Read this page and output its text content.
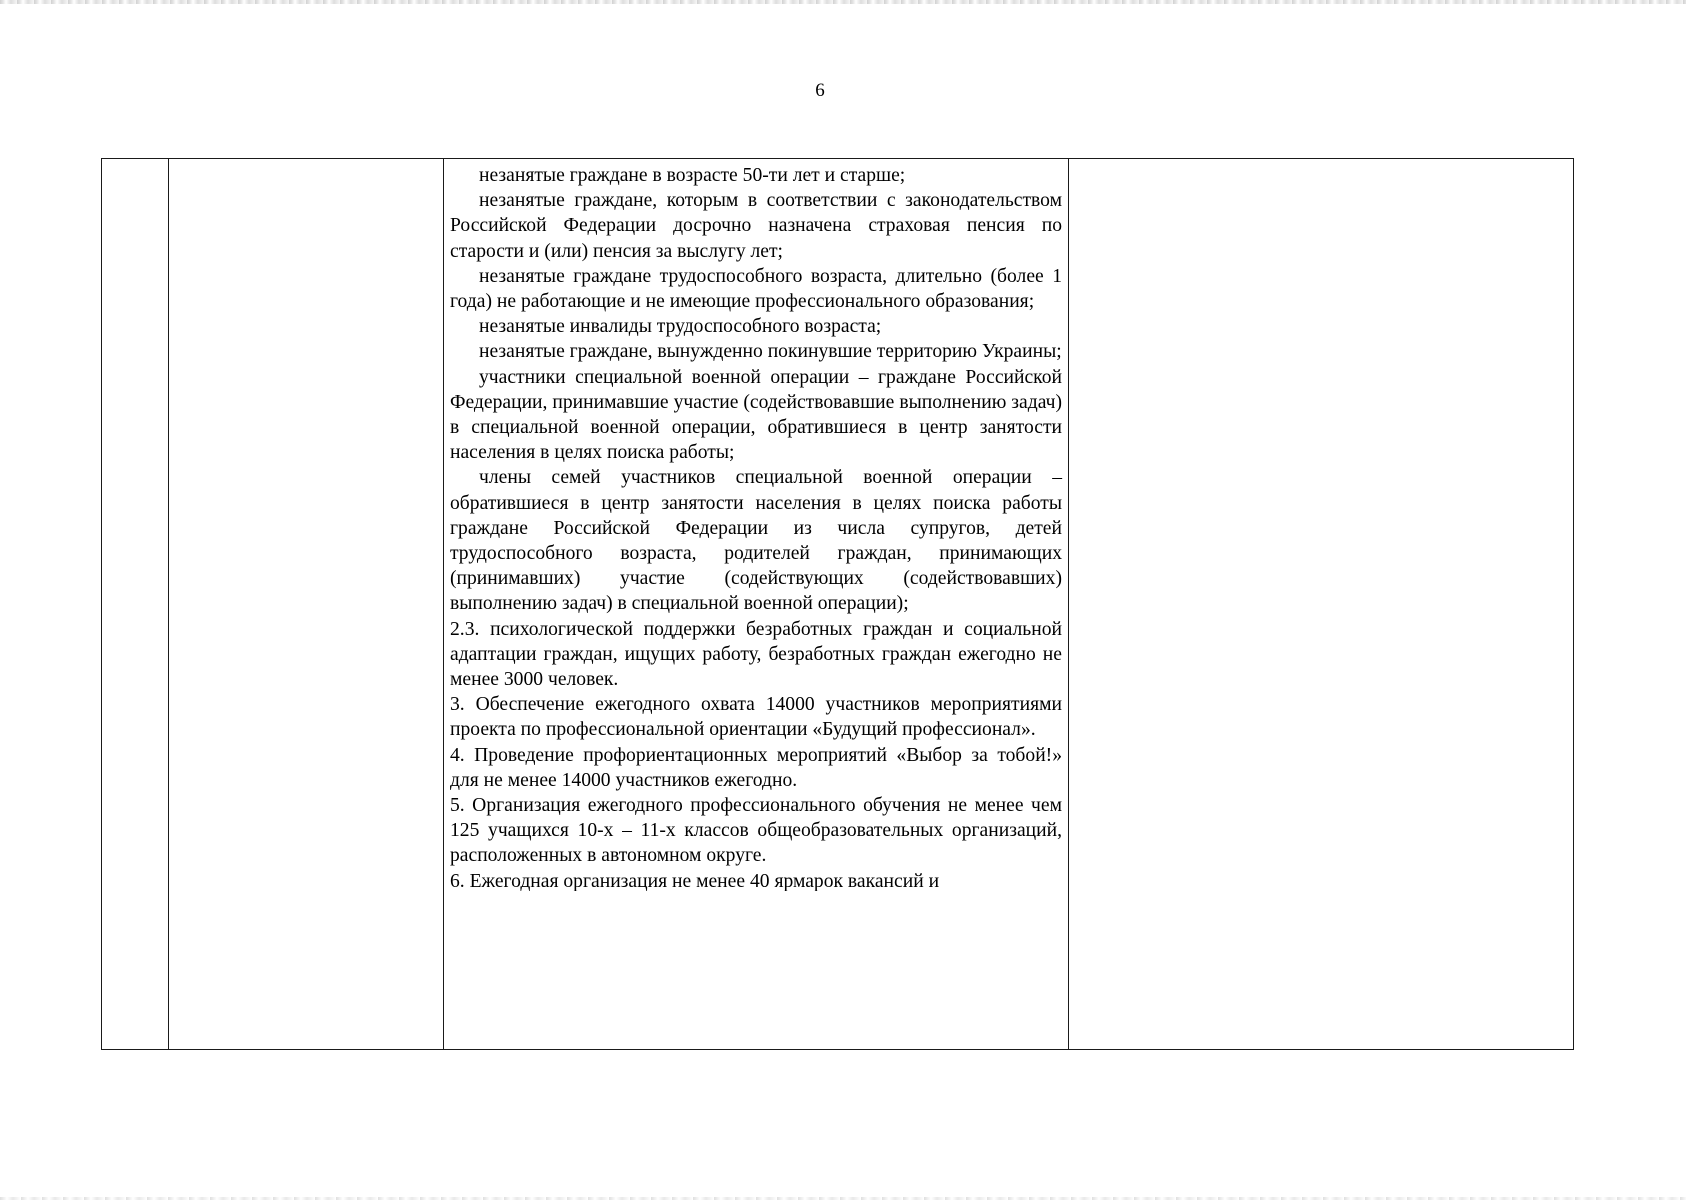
6

незанятые граждане в возрасте 50-ти лет и старше;

незанятые граждане, которым в соответствии с законодательством Российской Федерации досрочно назначена страховая пенсия по старости и (или) пенсия за выслугу лет;

незанятые граждане трудоспособного возраста, длительно (более 1 года) не работающие и не имеющие профессионального образования;

незанятые инвалиды трудоспособного возраста;

незанятые граждане, вынужденно покинувшие территорию Украины;

участники специальной военной операции – граждане Российской Федерации, принимавшие участие (содействовавшие выполнению задач) в специальной военной операции, обратившиеся в центр занятости населения в целях поиска работы;

члены семей участников специальной военной операции – обратившиеся в центр занятости населения в целях поиска работы граждане Российской Федерации из числа супругов, детей трудоспособного возраста, родителей граждан, принимающих (принимавших) участие (содействующих (содействовавших) выполнению задач) в специальной военной операции);

2.3. психологической поддержки безработных граждан и социальной адаптации граждан, ищущих работу, безработных граждан ежегодно не менее 3000 человек.

3. Обеспечение ежегодного охвата 14000 участников мероприятиями проекта по профессиональной ориентации «Будущий профессионал».

4. Проведение профориентационных мероприятий «Выбор за тобой!» для не менее 14000 участников ежегодно.

5. Организация ежегодного профессионального обучения не менее чем 125 учащихся 10-х – 11-х классов общеобразовательных организаций, расположенных в автономном округе.

6. Ежегодная организация не менее 40 ярмарок вакансий и
